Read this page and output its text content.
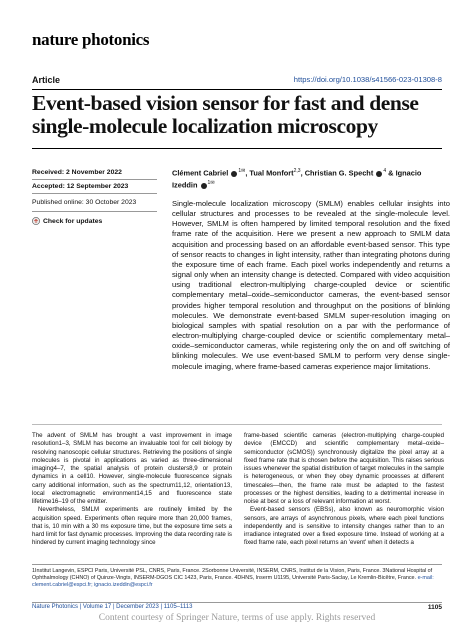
nature photonics
Article	https://doi.org/10.1038/s41566-023-01308-8
Event-based vision sensor for fast and dense single-molecule localization microscopy
Received: 2 November 2022
Accepted: 12 September 2023
Published online: 30 October 2023
Check for updates
Clément Cabriel $^{1✉}$, Tual Monfort$^{2,3}$, Christian G. Specht $^4$ & Ignacio Izeddin $^{1✉}$

Single-molecule localization microscopy (SMLM) enables cellular insights into cellular structures and processes to be revealed at the single-molecule level. However, SMLM is often hampered by limited temporal resolution and the fixed frame rate of the acquisition. Here we present a new approach to SMLM data acquisition and processing based on an affordable event-based sensor. This type of sensor reacts to changes in light intensity, rather than integrating photons during the exposure time of each frame. Each pixel works independently and returns a signal only when an intensity change is detected. Compared with video acquisition using traditional electron-multiplying charge-coupled device or scientific complementary metal–oxide–semiconductor cameras, the event-based sensor provides higher temporal resolution and throughput on the positions of blinking molecules. We demonstrate event-based SMLM super-resolution imaging on biological samples with spatial resolution on a par with the performance of electron-multiplying charge-coupled device or scientific complementary metal–oxide–semiconductor cameras, while registering only the on and off switching of blinking molecules. We use event-based SMLM to perform very dense single-molecule imaging, where frame-based cameras experience major limitations.

The advent of SMLM has brought a vast improvement in image resolution1–3, SMLM has become an invaluable tool for cell biology by resolving nanoscopic cellular structures. Retrieving the positions of single molecules is pivotal in applications as varied as three-dimensional imaging4–7, the spatial analysis of protein clusters8,9 or protein dynamics in a cell10. However, single-molecule fluorescence signals carry additional information, such as the spectrum11,12, orientation13, local electromagnetic environment14,15 and fluorescence state lifetime16–19 of the emitter.

Nevertheless, SMLM experiments are routinely limited by the acquisition speed. Experiments often require more than 20,000 frames, that is, 10 min with a 30 ms exposure time, but the exposure time sets a hard limit for fast dynamic processes. Improving the data recording rate is hindered by current imaging technology since

frame-based scientific cameras (electron-multiplying charge-coupled device (EMCCD) and scientific complementary metal–oxide–semiconductor (sCMOS)) synchronously digitalize the pixel array at a fixed frame rate that is chosen before the acquisition. This raises serious issues whenever the spatial distribution of target molecules in the sample is heterogeneous, or when they obey dynamic processes at different timescales—then, the frame rate must be adapted to the fastest processes or the highest densities, leading to a detrimental increase in noise at best or a loss of relevant information at worst.

Event-based sensors (EBSs), also known as neuromorphic vision sensors, are arrays of asynchronous pixels, where each pixel functions independently and is sensitive to intensity changes rather than to an irradiance integrated over a fixed exposure time. Instead of working at a fixed frame rate, each pixel returns an 'event' when it detects a

1Institut Langevin, ESPCI Paris, Université PSL, CNRS, Paris, France. 2Sorbonne Université, INSERM, CNRS, Institut de la Vision, Paris, France. 3National Hospital of Ophthalmology (CHNO) of Quinze-Vingts, INSERM-DGOS CIC 1423, Paris, France. 4DHNS, Inserm U1195, Université Paris-Saclay, Le Kremlin-Bicêtre, France. e-mail: clement.cabriel@espci.fr; ignacio.izeddin@espci.fr
Nature Photonics | Volume 17 | December 2023 | 1105–1113	1105
Content courtesy of Springer Nature, terms of use apply. Rights reserved
